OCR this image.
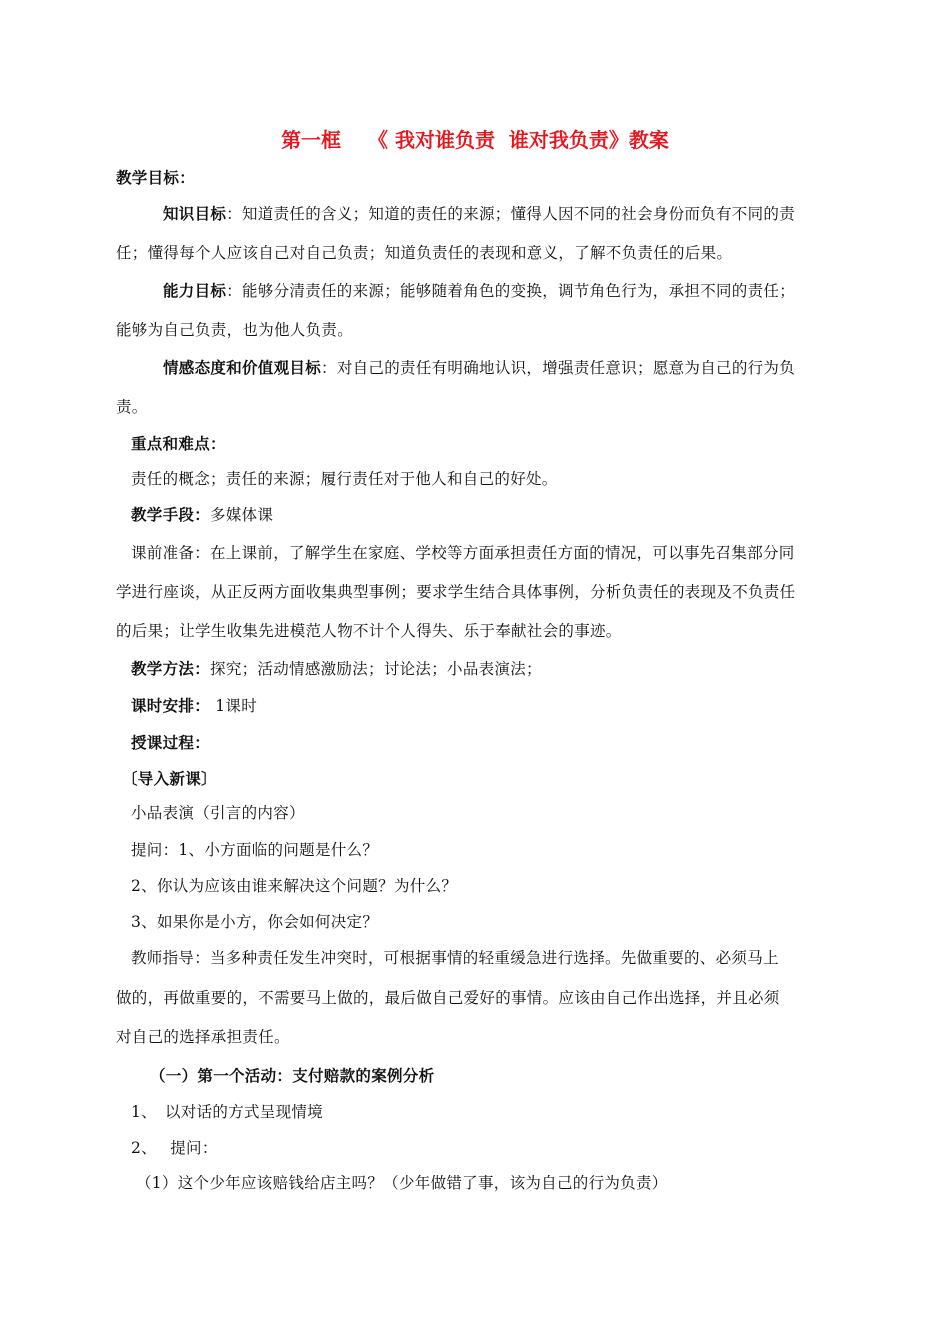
第一框　 《 我对谁负责  谁对我负责》教案
教学目标：
知识目标：知道责任的含义；知道的责任的来源；懂得人因不同的社会身份而负有不同的责
任；懂得每个人应该自己对自己负责；知道负责任的表现和意义，了解不负责任的后果。
能力目标：能够分清责任的来源；能够随着角色的变换，调节角色行为，承担不同的责任；
能够为自己负责，也为他人负责。
情感态度和价值观目标：对自己的责任有明确地认识，增强责任意识；愿意为自己的行为负
责。
重点和难点：
责任的概念；责任的来源；履行责任对于他人和自己的好处。
教学手段：多媒体课
课前准备：在上课前，了解学生在家庭、学校等方面承担责任方面的情况，可以事先召集部分同
学进行座谈，从正反两方面收集典型事例；要求学生结合具体事例，分析负责任的表现及不负责任
的后果；让学生收集先进模范人物不计个人得失、乐于奉献社会的事迹。
教学方法：探究；活动情感激励法；讨论法；小品表演法；
课时安排： 1课时
授课过程：
〔导入新课〕
小品表演（引言的内容）
提问：1、小方面临的问题是什么？
2、你认为应该由谁来解决这个问题？为什么？
3、如果你是小方，你会如何决定？
教师指导：当多种责任发生冲突时，可根据事情的轻重缓急进行选择。先做重要的、必须马上
做的，再做重要的，不需要马上做的，最后做自己爱好的事情。应该由自己作出选择，并且必须
对自己的选择承担责任。
（一）第一个活动：支付赔款的案例分析
1、　以对话的方式呈现情境
2、　 提问：
（1）这个少年应该赔钱给店主吗？（少年做错了事，该为自己的行为负责）
